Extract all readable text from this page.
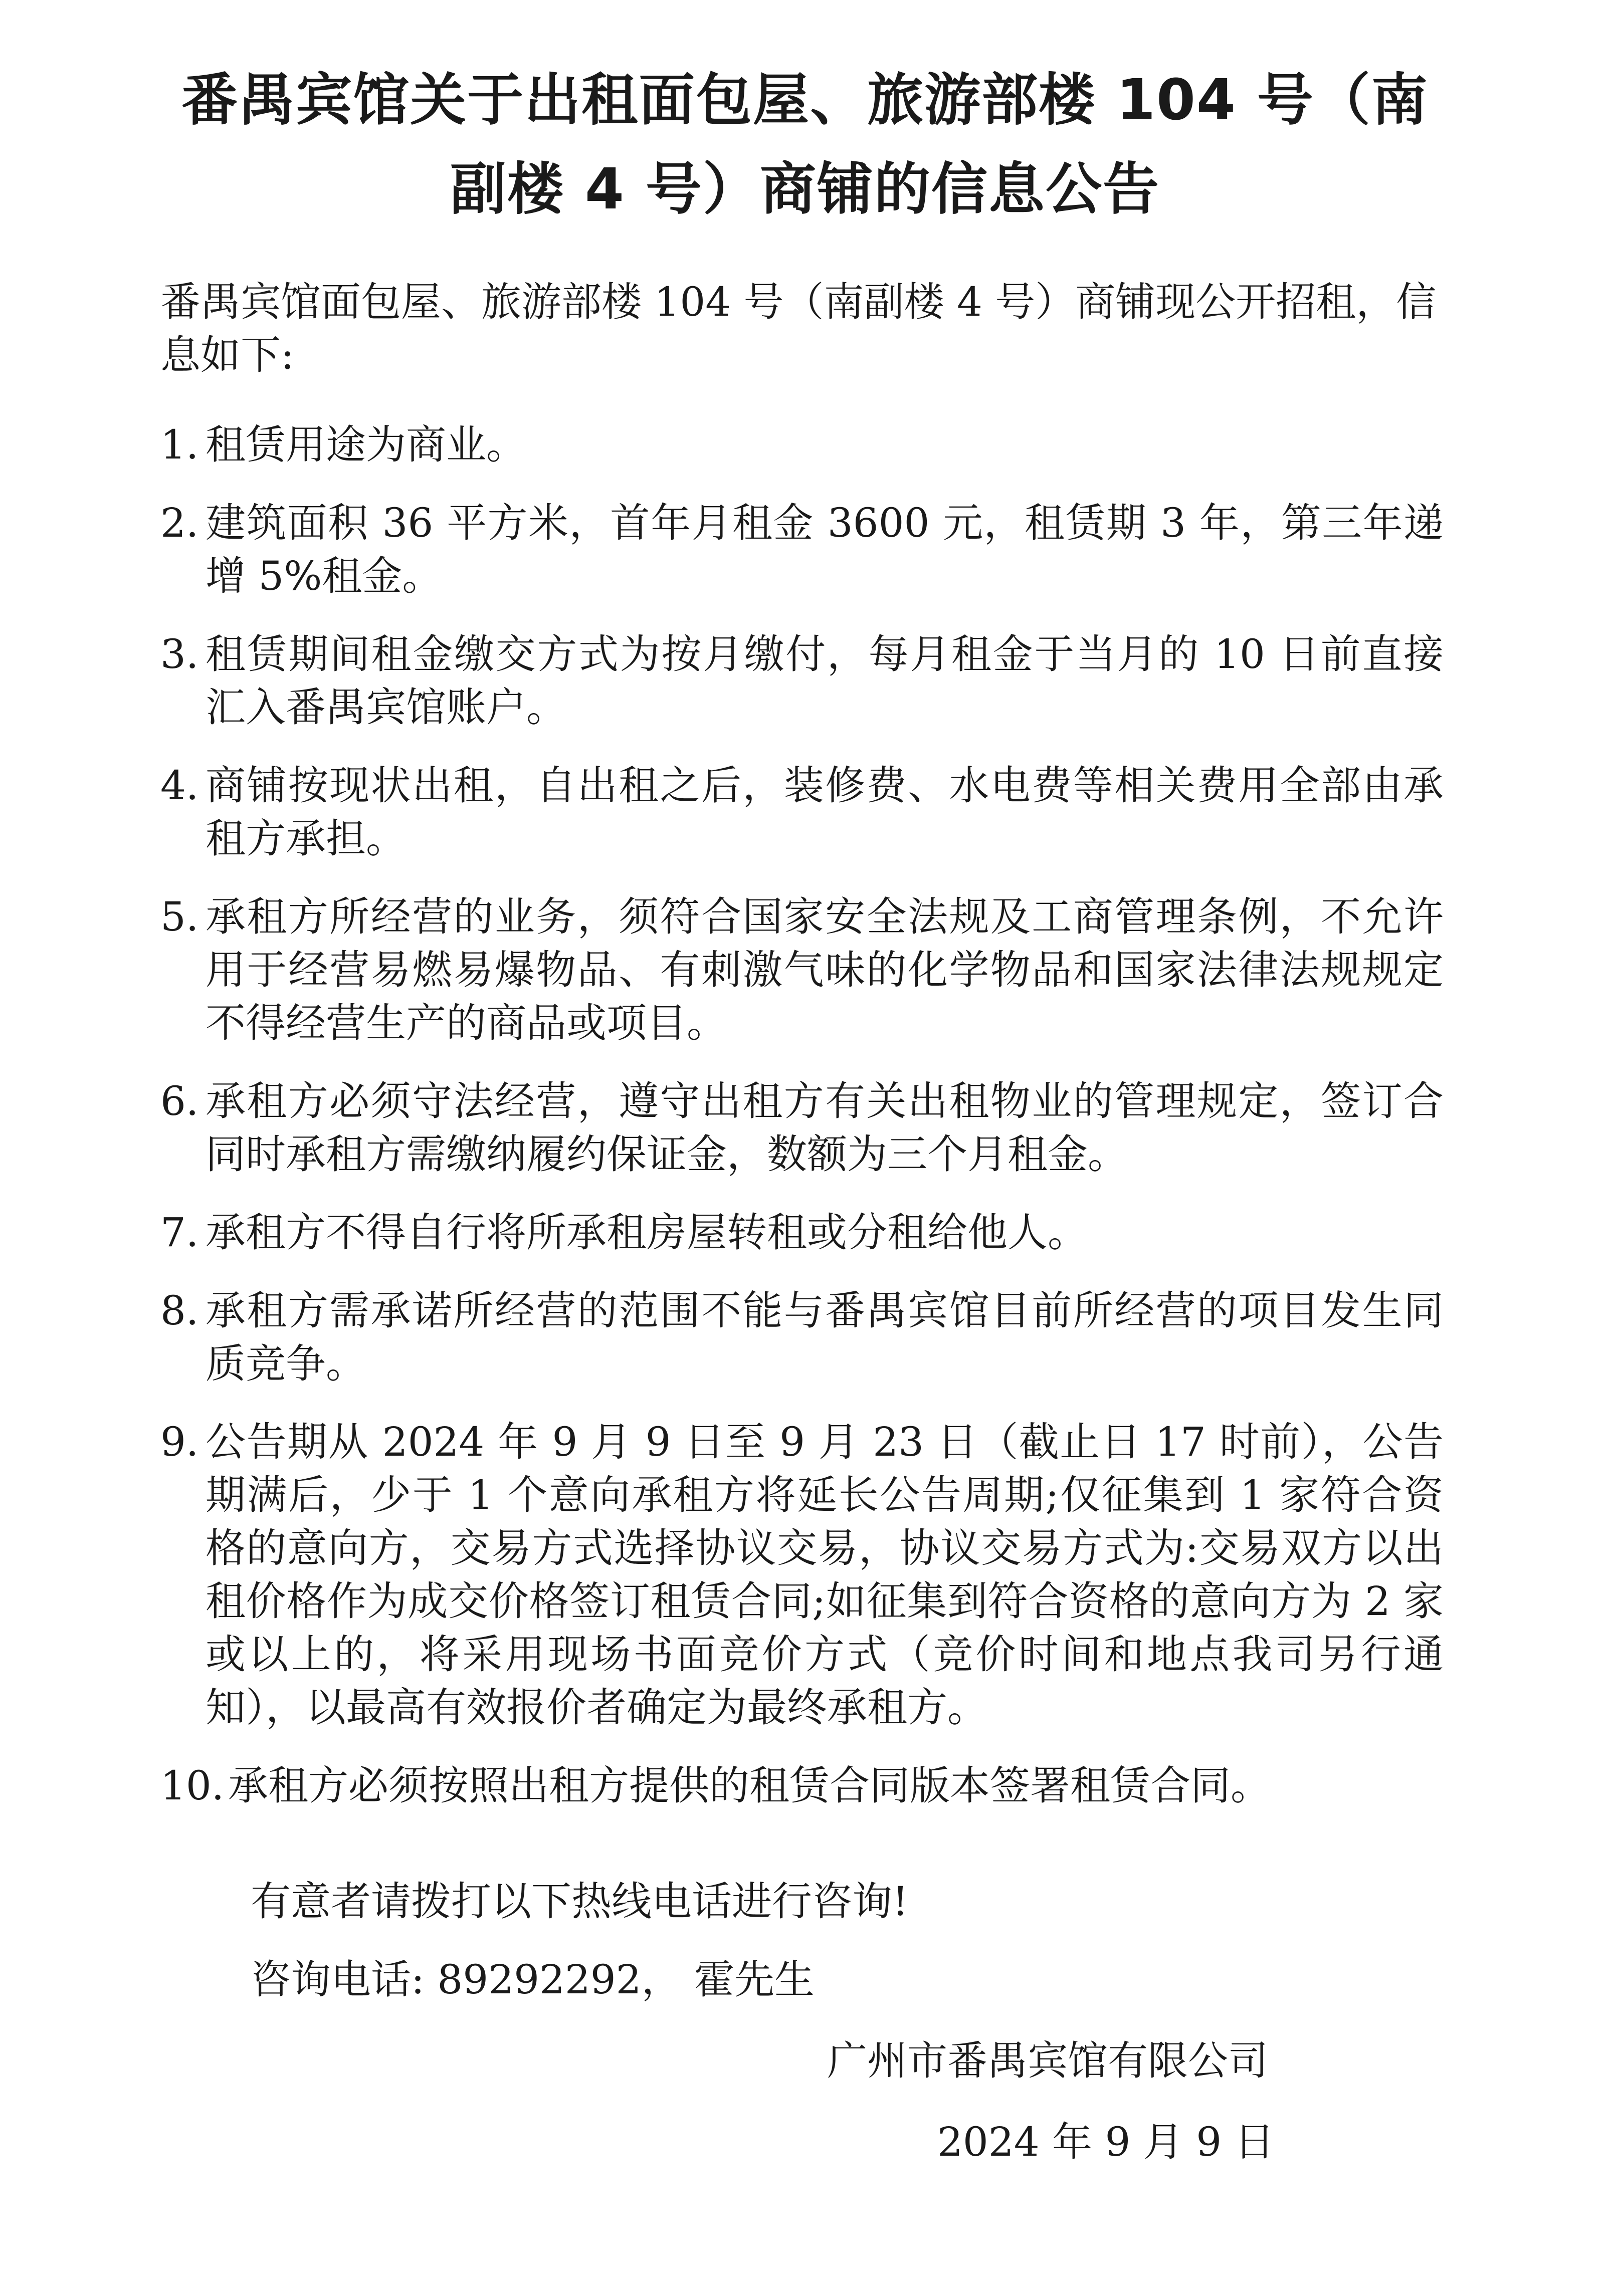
番禺宾馆关于出租面包屋、旅游部楼 104 号（南
副楼 4 号）商铺的信息公告
番禺宾馆面包屋、旅游部楼 104 号（南副楼 4 号）商铺现公开招租，信息如下:
1. 租赁用途为商业。
2. 建筑面积 36 平方米，首年月租金 3600 元，租赁期 3 年，第三年递增 5%租金。
3. 租赁期间租金缴交方式为按月缴付，每月租金于当月的 10 日前直接汇入番禺宾馆账户。
4. 商铺按现状出租，自出租之后，装修费、水电费等相关费用全部由承租方承担。
5. 承租方所经营的业务，须符合国家安全法规及工商管理条例，不允许用于经营易燃易爆物品、有刺激气味的化学物品和国家法律法规规定不得经营生产的商品或项目。
6. 承租方必须守法经营，遵守出租方有关出租物业的管理规定，签订合同时承租方需缴纳履约保证金，数额为三个月租金。
7. 承租方不得自行将所承租房屋转租或分租给他人。
8. 承租方需承诺所经营的范围不能与番禺宾馆目前所经营的项目发生同质竞争。
9. 公告期从 2024 年 9 月 9 日至 9 月 23 日（截止日 17 时前），公告期满后，少于 1 个意向承租方将延长公告周期;仅征集到 1 家符合资格的意向方，交易方式选择协议交易，协议交易方式为:交易双方以出租价格作为成交价格签订租赁合同;如征集到符合资格的意向方为 2 家或以上的，将采用现场书面竞价方式（竞价时间和地点我司另行通知），以最高有效报价者确定为最终承租方。
10. 承租方必须按照出租方提供的租赁合同版本签署租赁合同。
有意者请拨打以下热线电话进行咨询!
咨询电话: 89292292， 霍先生
广州市番禺宾馆有限公司
2024 年 9 月 9 日
